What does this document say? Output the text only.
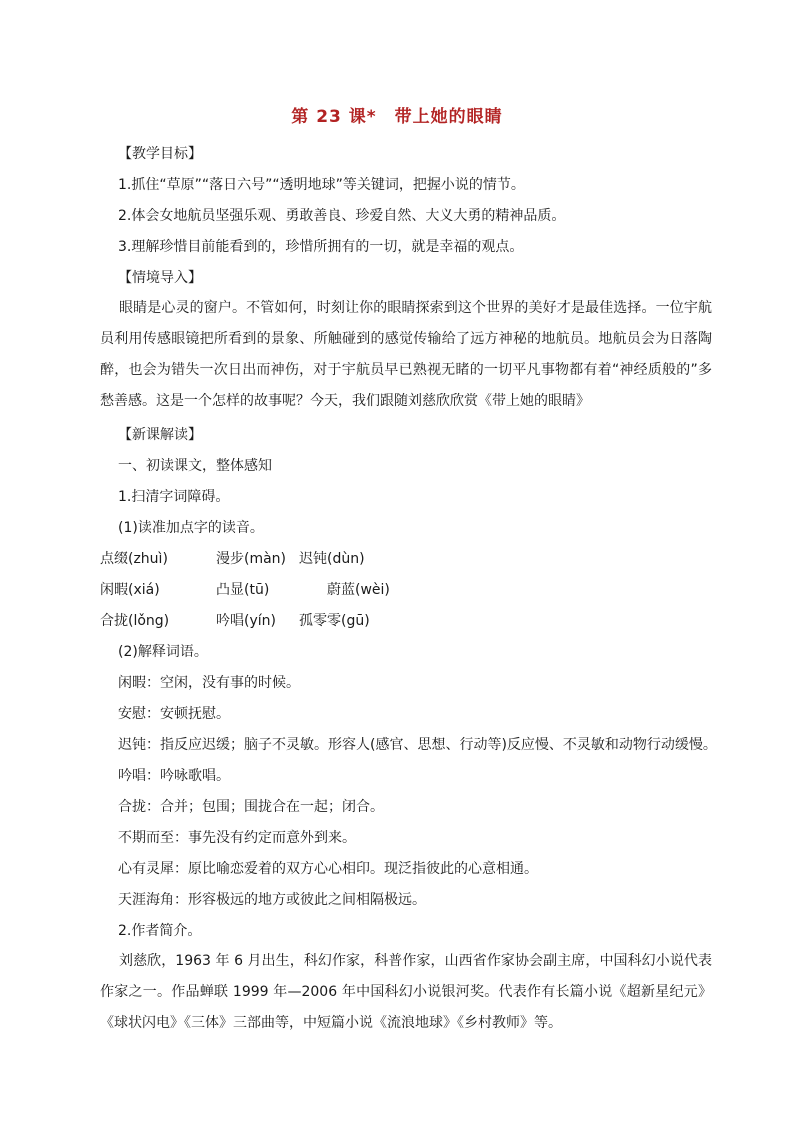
第 23 课*　带上她的眼睛
【教学目标】
1.抓住“草原”“落日六号”“透明地球”等关键词，把握小说的情节。
2.体会女地航员坚强乐观、勇敢善良、珍爱自然、大义大勇的精神品质。
3.理解珍惜目前能看到的，珍惜所拥有的一切，就是幸福的观点。
【情境导入】

眼睛是心灵的窗户。不管如何，时刻让你的眼睛探索到这个世界的美好才是最佳选择。一位宇航员利用传感眼镜把所看到的景象、所触碰到的感觉传输给了远方神秘的地航员。地航员会为日落陶醉，也会为错失一次日出而神伤，对于宇航员早已熟视无睹的一切平凡事物都有着“神经质般的”多愁善感。这是一个怎样的故事呢？今天，我们跟随刘慈欣欣赏《带上她的眼睛》

【新课解读】
一、初读课文，整体感知
1.扫清字词障碍。
(1)读准加点字的读音。
点缀(zhuì)	漫步(màn) 迟钝(dùn)
闲暇(xiá)	凸显(tū)	蔚蓝(wèi)
合拢(lǒng)	吟唱(yín) 孤零零(gū)
(2)解释词语。
闲暇：空闲，没有事的时候。
安慰：安顿抚慰。
迟钝：指反应迟缓；脑子不灵敏。形容人(感官、思想、行动等)反应慢、不灵敏和动物行动缓慢。
吟唱：吟咏歌唱。
合拢：合并；包围；围拢合在一起；闭合。
不期而至：事先没有约定而意外到来。
心有灵犀：原比喻恋爱着的双方心心相印。现泛指彼此的心意相通。
天涯海角：形容极远的地方或彼此之间相隔极远。
2.作者简介。

刘慈欣，1963 年 6 月出生，科幻作家，科普作家，山西省作家协会副主席，中国科幻小说代表作家之一。作品蝉联 1999 年—2006 年中国科幻小说银河奖。代表作有长篇小说《超新星纪元》《球状闪电》《三体》三部曲等，中短篇小说《流浪地球》《乡村教师》等。
